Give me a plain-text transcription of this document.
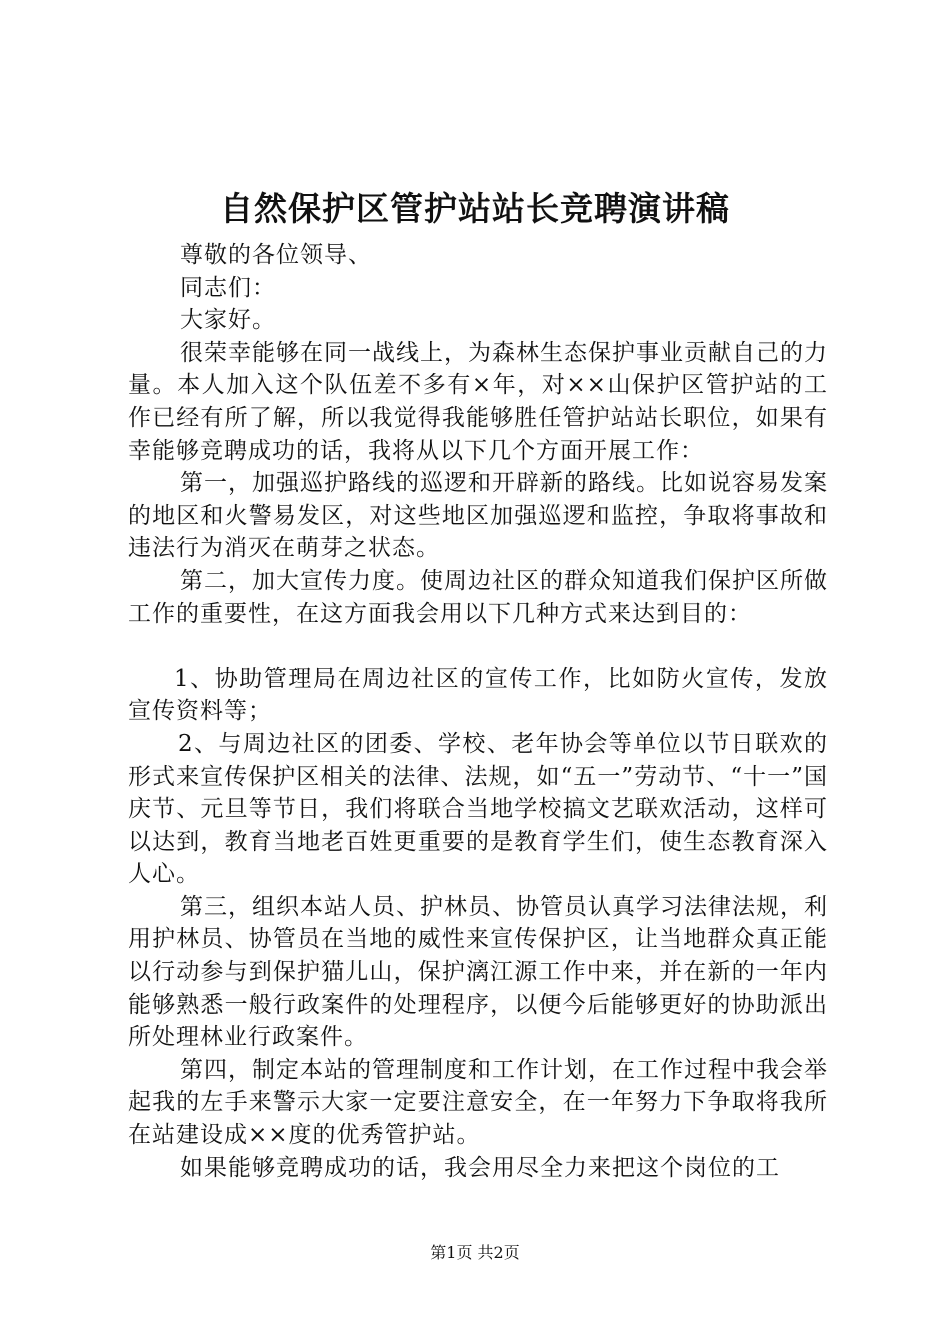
自然保护区管护站站长竞聘演讲稿

尊敬的各位领导、

同志们：

大家好。

很荣幸能够在同一战线上，为森林生态保护事业贡献自己的力量。本人加入这个队伍差不多有×年，对××山保护区管护站的工作已经有所了解，所以我觉得我能够胜任管护站站长职位，如果有幸能够竞聘成功的话，我将从以下几个方面开展工作：

第一，加强巡护路线的巡逻和开辟新的路线。比如说容易发案的地区和火警易发区，对这些地区加强巡逻和监控，争取将事故和违法行为消灭在萌芽之状态。

第二，加大宣传力度。使周边社区的群众知道我们保护区所做工作的重要性，在这方面我会用以下几种方式来达到目的：

1、协助管理局在周边社区的宣传工作，比如防火宣传，发放宣传资料等；

2、与周边社区的团委、学校、老年协会等单位以节日联欢的形式来宣传保护区相关的法律、法规，如“五一”劳动节、“十一”国庆节、元旦等节日，我们将联合当地学校搞文艺联欢活动，这样可以达到，教育当地老百姓更重要的是教育学生们，使生态教育深入人心。

第三，组织本站人员、护林员、协管员认真学习法律法规，利用护林员、协管员在当地的威性来宣传保护区，让当地群众真正能以行动参与到保护猫儿山，保护漓江源工作中来，并在新的一年内能够熟悉一般行政案件的处理程序，以便今后能够更好的协助派出所处理林业行政案件。

第四，制定本站的管理制度和工作计划，在工作过程中我会举起我的左手来警示大家一定要注意安全，在一年努力下争取将我所在站建设成××度的优秀管护站。

如果能够竞聘成功的话，我会用尽全力来把这个岗位的工

第1页 共2页
